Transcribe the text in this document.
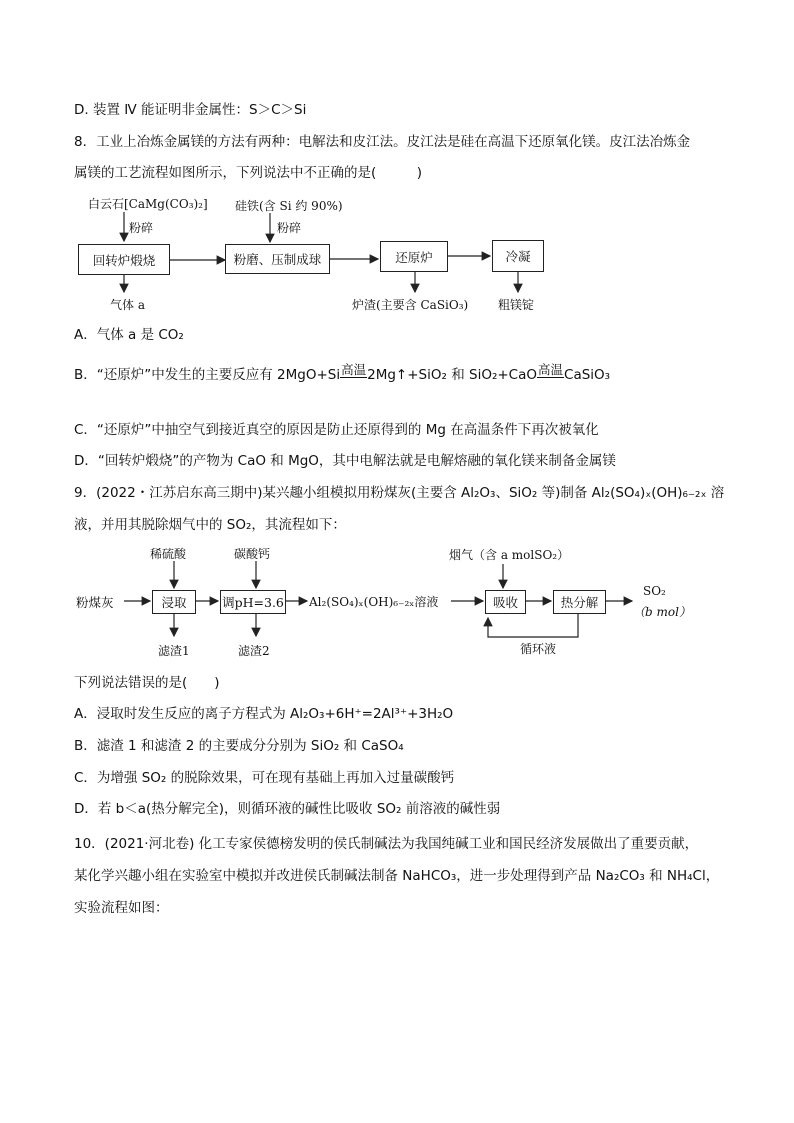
D. 装置 Ⅳ 能证明非金属性：S＞C＞Si
8．工业上冶炼金属镁的方法有两种：电解法和皮江法。皮江法是硅在高温下还原氧化镁。皮江法冶炼金
属镁的工艺流程如图所示，下列说法中不正确的是(　　　)
白云石[CaMg(CO₃)₂]
粉碎
硅铁(含 Si 约 90%)
粉碎
回转炉煅烧	粉磨、压制成球	还原炉	冷凝
气体 a	炉渣(主要含 CaSiO₃) 粗镁锭
A．气体 a 是 CO₂
B．“还原炉”中发生的主要反应有 2MgO+Si 高温 2Mg↑+SiO₂ 和 SiO₂+CaO 高温 CaSiO₃
C．“还原炉”中抽空气到接近真空的原因是防止还原得到的 Mg 在高温条件下再次被氧化
D．“回转炉煅烧”的产物为 CaO 和 MgO，其中电解法就是电解熔融的氧化镁来制备金属镁
9．(2022・江苏启东高三期中)某兴趣小组模拟用粉煤灰(主要含 Al₂O₃、SiO₂ 等)制备 Al₂(SO₄)ₓ(OH)₆₋₂ₓ 溶
液，并用其脱除烟气中的 SO₂，其流程如下：
稀硫酸	碳酸钙	烟气（含 a molSO₂）
粉煤灰	浸取	调pH=3.6 Al₂(SO₄)ₓ(OH)₆₋₂ₓ溶液	吸收	热分解
SO₂
（b mol）
滤渣1	滤渣2	循环液
下列说法错误的是(　　)
A．浸取时发生反应的离子方程式为 Al₂O₃+6H⁺=2Al³⁺+3H₂O
B．滤渣 1 和滤渣 2 的主要成分分别为 SiO₂ 和 CaSO₄
C．为增强 SO₂ 的脱除效果，可在现有基础上再加入过量碳酸钙
D．若 b＜a(热分解完全)，则循环液的碱性比吸收 SO₂ 前溶液的碱性弱
10．(2021·河北卷) 化工专家侯德榜发明的侯氏制碱法为我国纯碱工业和国民经济发展做出了重要贡献，
某化学兴趣小组在实验室中模拟并改进侯氏制碱法制备 NaHCO₃，进一步处理得到产品 Na₂CO₃ 和 NH₄Cl，
实验流程如图：
